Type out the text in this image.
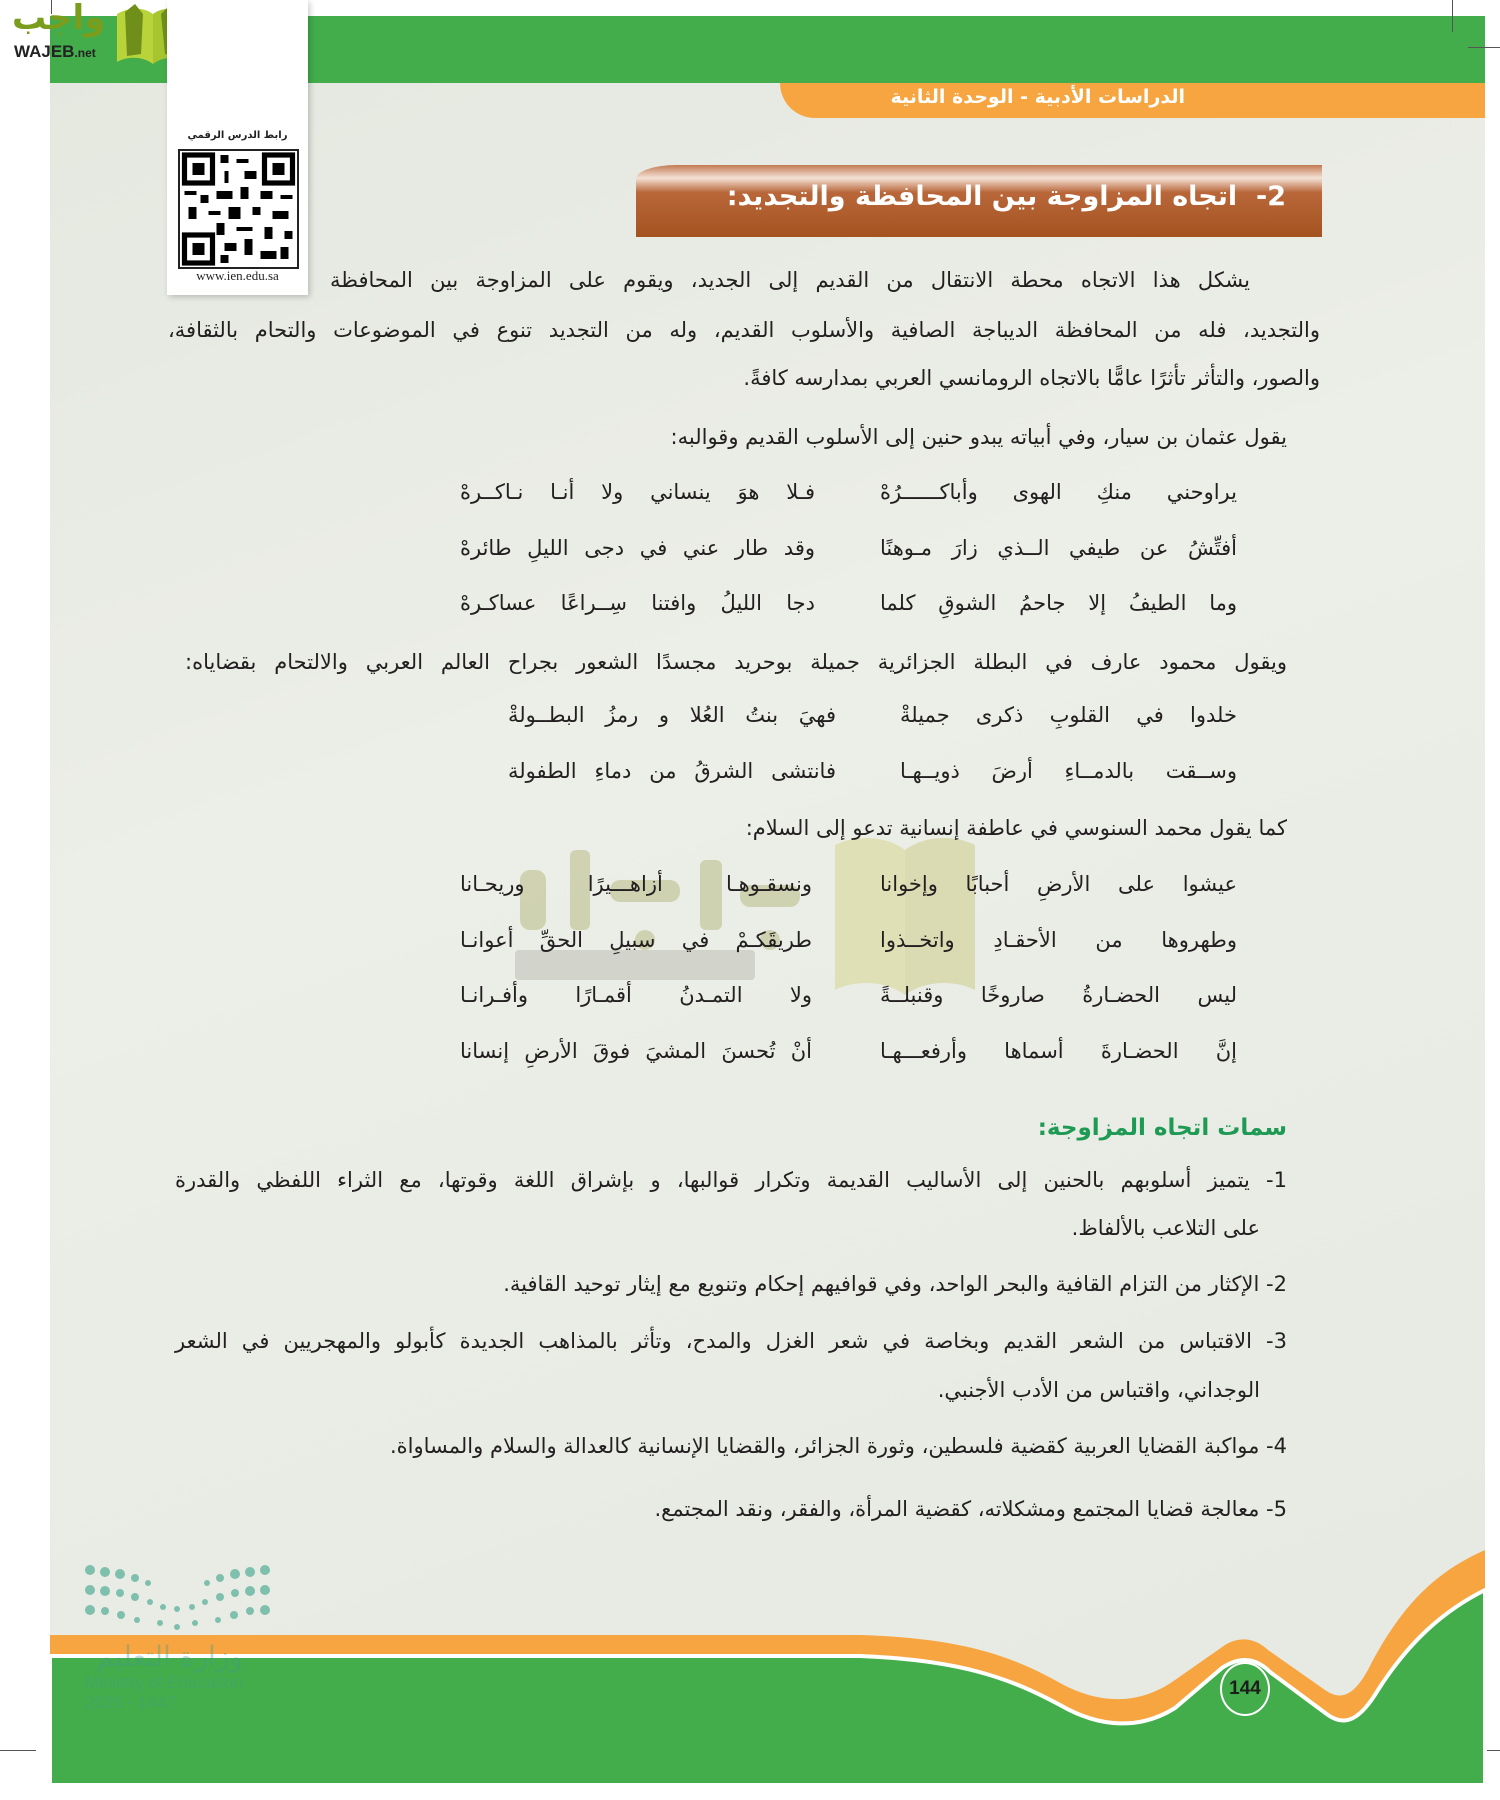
واجب
WAJEB.net
رابط الدرس الرقمي
www.ien.edu.sa
الدراسات الأدبية - الوحدة الثانية
2-  اتجاه المزاوجة بين المحافظة والتجديد:
يشكل هذا الاتجاه محطة الانتقال من القديم إلى الجديد، ويقوم على المزاوجة بين المحافظة
والتجديد، فله من المحافظة الديباجة الصافية والأسلوب القديم، وله من التجديد تنوع في الموضوعات والتحام بالثقافة،
والصور، والتأثر تأثرًا عامًّا بالاتجاه الرومانسي العربي بمدارسه كافةً.
يقول عثمان بن سيار، وفي أبياته يبدو حنين إلى الأسلوب القديم وقوالبه:
يراوحني منكِ الهوى وأباكــــــرُهْ
فـلا هوَ ينساني ولا أنـا نـاكــرهْ
أفتِّشُ عن طيفي الــذي زارَ مـوهنًا
وقد طار عني في دجى الليلِ طائرهْ
وما الطيفُ إلا جاحمُ الشوقِ كلما
دجا الليلُ وافتنا سِــراعًا عساكـرهْ
ويقول محمود عارف في البطلة الجزائرية جميلة بوحريد مجسدًا الشعور بجراح العالم العربي والالتحام بقضاياه:
خلدوا في القلوبِ ذكرى جميلةْ
فهيَ بنتُ العُلا و رمزُ البطــولةْ
وســقت بالدمــاءِ أرضَ ذويــهـا
فانتشى الشرقُ من دماءِ الطفولة
كما يقول محمد السنوسي في عاطفة إنسانية تدعو إلى السلام:
عيشوا على الأرضِ أحبابًا وإخوانا
ونسقـوهـا أزاهـــيرًا وريحـانا
وطهروها من الأحقـادِ واتخــذوا
طريقَكـمْ في سبيلِ الحقِّ أعوانـا
ليس الحضـارةُ صاروخًا وقنبلــةً
ولا التمـدنُ أقمـارًا وأفـرانـا
إنَّ الحضـارةَ أسماها وأرفعـــهـا
أنْ تُحسنَ المشيَ فوقَ الأرضِ إنسانا
سمات اتجاه المزاوجة:
1- يتميز أسلوبهم بالحنين إلى الأساليب القديمة وتكرار قوالبها، و بإشراق اللغة وقوتها، مع الثراء اللفظي والقدرة
على التلاعب بالألفاظ.
2- الإكثار من التزام القافية والبحر الواحد، وفي قوافيهم إحكام وتنويع مع إيثار توحيد القافية.
3- الاقتباس من الشعر القديم وبخاصة في شعر الغزل والمدح، وتأثر بالمذاهب الجديدة كأبولو والمهجريين في الشعر
الوجداني، واقتباس من الأدب الأجنبي.
4- مواكبة القضايا العربية كقضية فلسطين، وثورة الجزائر، والقضايا الإنسانية كالعدالة والسلام والمساواة.
5- معالجة قضايا المجتمع ومشكلاته، كقضية المرأة، والفقر، ونقد المجتمع.
وزارة التعليم
Ministry of Education
2025 - 1447
144
